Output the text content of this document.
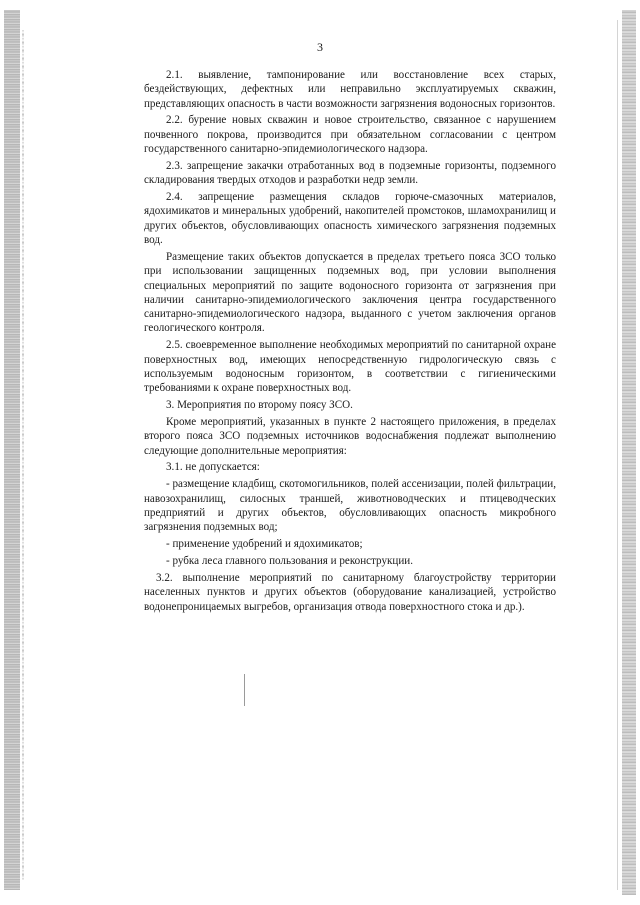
3

2.1. выявление, тампонирование или восстановление всех старых, бездействующих, дефектных или неправильно эксплуатируемых скважин, представляющих опасность в части возможности загрязнения водоносных горизонтов.

2.2. бурение новых скважин и новое строительство, связанное с нарушением почвенного покрова, производится при обязательном согласовании с центром государственного санитарно-эпидемиологического надзора.

2.3. запрещение закачки отработанных вод в подземные горизонты, подземного складирования твердых отходов и разработки недр земли.

2.4. запрещение размещения складов горюче-смазочных материалов, ядохимикатов и минеральных удобрений, накопителей промстоков, шламохранилищ и других объектов, обусловливающих опасность химического загрязнения подземных вод.

Размещение таких объектов допускается в пределах третьего пояса ЗСО только при использовании защищенных подземных вод, при условии выполнения специальных мероприятий по защите водоносного горизонта от загрязнения при наличии санитарно-эпидемиологического заключения центра государственного санитарно-эпидемиологического надзора, выданного с учетом заключения органов геологического контроля.

2.5. своевременное выполнение необходимых мероприятий по санитарной охране поверхностных вод, имеющих непосредственную гидрологическую связь с используемым водоносным горизонтом, в соответствии с гигиеническими требованиями к охране поверхностных вод.

3. Мероприятия по второму поясу ЗСО.

Кроме мероприятий, указанных в пункте 2 настоящего приложения, в пределах второго пояса ЗСО подземных источников водоснабжения подлежат выполнению следующие дополнительные мероприятия:

3.1. не допускается:

- размещение кладбищ, скотомогильников, полей ассенизации, полей фильтрации, навозохранилищ, силосных траншей, животноводческих и птицеводческих предприятий и других объектов, обусловливающих опасность микробного загрязнения подземных вод;

- применение удобрений и ядохимикатов;

- рубка леса главного пользования и реконструкции.

3.2. выполнение мероприятий по санитарному благоустройству территории населенных пунктов и других объектов (оборудование канализацией, устройство водонепроницаемых выгребов, организация отвода поверхностного стока и др.).
